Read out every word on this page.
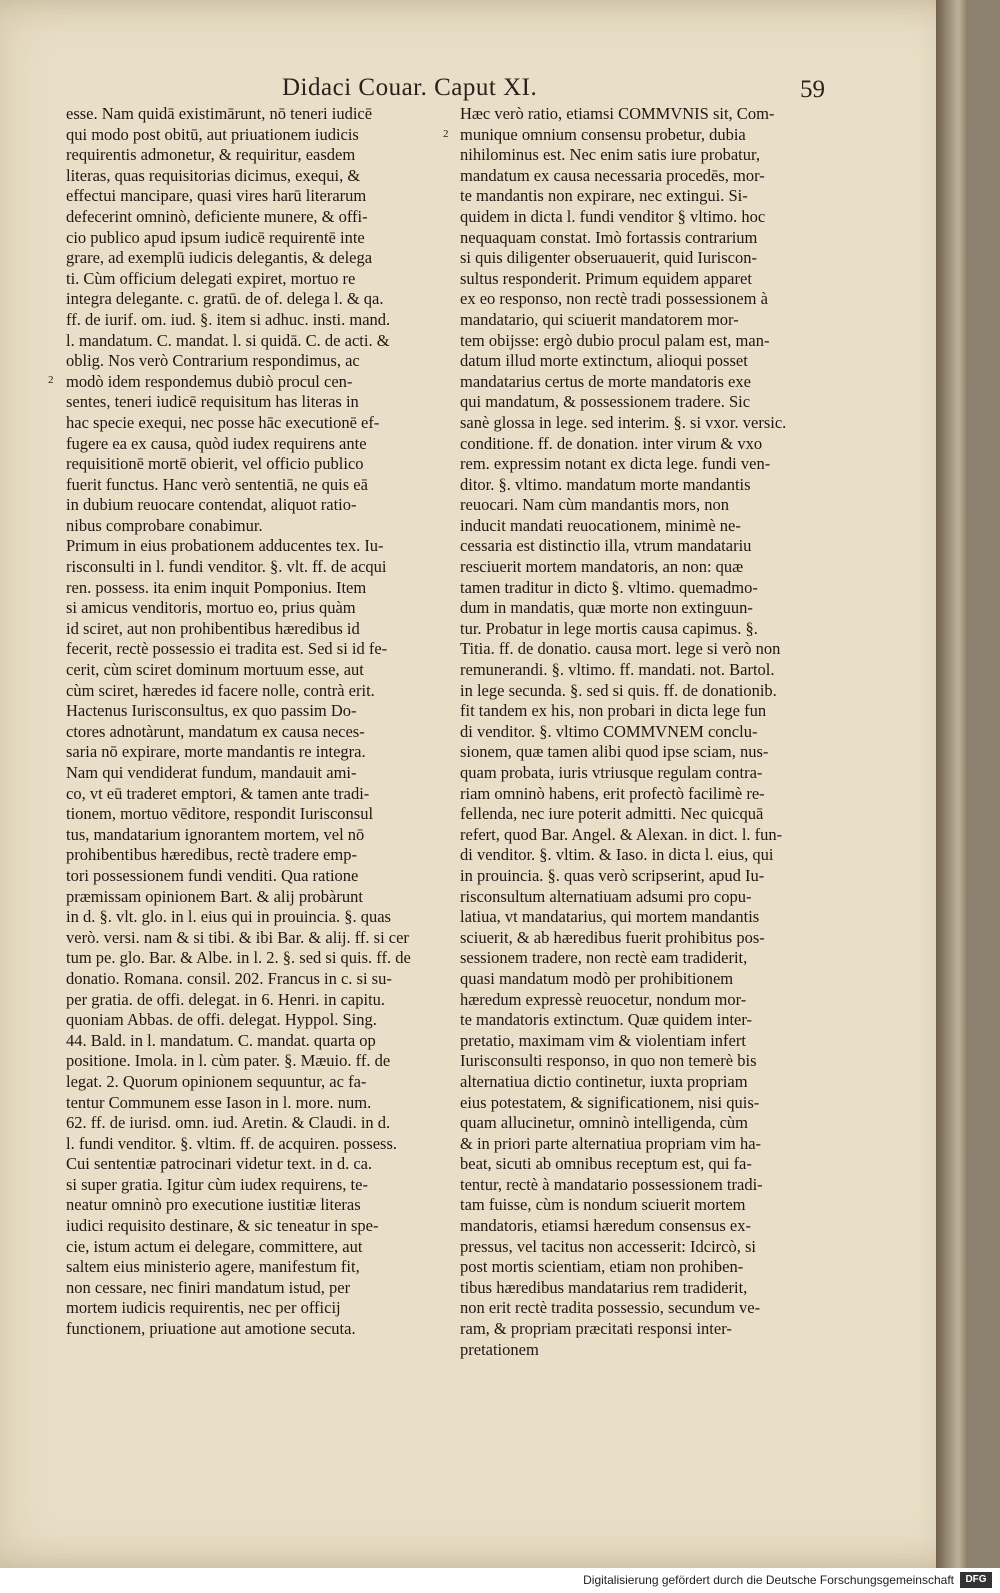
Didaci Couar. Caput XI.	59
2
2
esse. Nam quidā existimārunt, nō teneri iudicē
qui modo post obitū, aut priuationem iudicis
requirentis admonetur, & requiritur, easdem
literas, quas requisitorias dicimus, exequi, &
effectui mancipare, quasi vires harū literarum
defecerint omninò, deficiente munere, & offi-
cio publico apud ipsum iudicē requirentē inte
grare, ad exemplū iudicis delegantis, & delega
ti. Cùm officium delegati expiret, mortuo re
integra delegante. c. gratū. de of. delega l. & qa.
ff. de iurif. om. iud. §. item si adhuc. insti. mand.
l. mandatum. C. mandat. l. si quidā. C. de acti. &
oblig. Nos verò Contrarium respondimus, ac
modò idem respondemus dubiò procul cen-
sentes, teneri iudicē requisitum has literas in
hac specie exequi, nec posse hāc executionē ef-
fugere ea ex causa, quòd iudex requirens ante
requisitionē mortē obierit, vel officio publico
fuerit functus. Hanc verò sententiā, ne quis eā
in dubium reuocare contendat, aliquot ratio-
nibus comprobare conabimur.
Primum in eius probationem adducentes tex. Iu-
risconsulti in l. fundi venditor. §. vlt. ff. de acqui
ren. possess. ita enim inquit Pomponius. Item
si amicus venditoris, mortuo eo, prius quàm
id sciret, aut non prohibentibus hæredibus id
fecerit, rectè possessio ei tradita est. Sed si id fe-
cerit, cùm sciret dominum mortuum esse, aut
cùm sciret, hæredes id facere nolle, contrà erit.
Hactenus Iurisconsultus, ex quo passim Do-
ctores adnotàrunt, mandatum ex causa neces-
saria nō expirare, morte mandantis re integra.
Nam qui vendiderat fundum, mandauit ami-
co, vt eū traderet emptori, & tamen ante tradi-
tionem, mortuo vēditore, respondit Iurisconsul
tus, mandatarium ignorantem mortem, vel nō
prohibentibus hæredibus, rectè tradere emp-
tori possessionem fundi venditi. Qua ratione
præmissam opinionem Bart. & alij probàrunt
in d. §. vlt. glo. in l. eius qui in prouincia. §. quas
verò. versi. nam & si tibi. & ibi Bar. & alij. ff. si cer
tum pe. glo. Bar. & Albe. in l. 2. §. sed si quis. ff. de
donatio. Romana. consil. 202. Francus in c. si su-
per gratia. de offi. delegat. in 6. Henri. in capitu.
quoniam Abbas. de offi. delegat. Hyppol. Sing.
44. Bald. in l. mandatum. C. mandat. quarta op
positione. Imola. in l. cùm pater. §. Mæuio. ff. de
legat. 2. Quorum opinionem sequuntur, ac fa-
tentur Communem esse Iason in l. more. num.
62. ff. de iurisd. omn. iud. Aretin. & Claudi. in d.
l. fundi venditor. §. vltim. ff. de acquiren. possess.
Cui sententiæ patrocinari videtur text. in d. ca.
si super gratia. Igitur cùm iudex requirens, te-
neatur omninò pro executione iustitiæ literas
iudici requisito destinare, & sic teneatur in spe-
cie, istum actum ei delegare, committere, aut
saltem eius ministerio agere, manifestum fit,
non cessare, nec finiri mandatum istud, per
mortem iudicis requirentis, nec per officij
functionem, priuatione aut amotione secuta.
Hæc verò ratio, etiamsi COMMVNIS sit, Com-
munique omnium consensu probetur, dubia
nihilominus est. Nec enim satis iure probatur,
mandatum ex causa necessaria procedēs, mor-
te mandantis non expirare, nec extingui. Si-
quidem in dicta l. fundi venditor § vltimo. hoc
nequaquam constat. Imò fortassis contrarium
si quis diligenter obseruauerit, quid Iuriscon-
sultus responderit. Primum equidem apparet
ex eo responso, non rectè tradi possessionem à
mandatario, qui sciuerit mandatorem mor-
tem obijsse: ergò dubio procul palam est, man-
datum illud morte extinctum, alioqui posset
mandatarius certus de morte mandatoris exe
qui mandatum, & possessionem tradere. Sic
sanè glossa in lege. sed interim. §. si vxor. versic.
conditione. ff. de donation. inter virum & vxo
rem. expressim notant ex dicta lege. fundi ven-
ditor. §. vltimo. mandatum morte mandantis
reuocari. Nam cùm mandantis mors, non
inducit mandati reuocationem, minimè ne-
cessaria est distinctio illa, vtrum mandatariu
resciuerit mortem mandatoris, an non: quæ
tamen traditur in dicto §. vltimo. quemadmo-
dum in mandatis, quæ morte non extinguun-
tur. Probatur in lege mortis causa capimus. §.
Titia. ff. de donatio. causa mort. lege si verò non
remunerandi. §. vltimo. ff. mandati. not. Bartol.
in lege secunda. §. sed si quis. ff. de donationib.
fit tandem ex his, non probari in dicta lege fun
di venditor. §. vltimo COMMVNEM conclu-
sionem, quæ tamen alibi quod ipse sciam, nus-
quam probata, iuris vtriusque regulam contra-
riam omninò habens, erit profectò facilimè re-
fellenda, nec iure poterit admitti. Nec quicquā
refert, quod Bar. Angel. & Alexan. in dict. l. fun-
di venditor. §. vltim. & Iaso. in dicta l. eius, qui
in prouincia. §. quas verò scripserint, apud Iu-
risconsultum alternatiuam adsumi pro copu-
latiua, vt mandatarius, qui mortem mandantis
sciuerit, & ab hæredibus fuerit prohibitus pos-
sessionem tradere, non rectè eam tradiderit,
quasi mandatum modò per prohibitionem
hæredum expressè reuocetur, nondum mor-
te mandatoris extinctum. Quæ quidem inter-
pretatio, maximam vim & violentiam infert
Iurisconsulti responso, in quo non temerè bis
alternatiua dictio continetur, iuxta propriam
eius potestatem, & significationem, nisi quis-
quam allucinetur, omninò intelligenda, cùm
& in priori parte alternatiua propriam vim ha-
beat, sicuti ab omnibus receptum est, qui fa-
tentur, rectè à mandatario possessionem tradi-
tam fuisse, cùm is nondum sciuerit mortem
mandatoris, etiamsi hæredum consensus ex-
pressus, vel tacitus non accesserit: Idcircò, si
post mortis scientiam, etiam non prohiben-
tibus hæredibus mandatarius rem tradiderit,
non erit rectè tradita possessio, secundum ve-
ram, & propriam præcitati responsi inter-
pretationem
Digitalisierung gefördert durch die Deutsche Forschungsgemeinschaft	DFG
